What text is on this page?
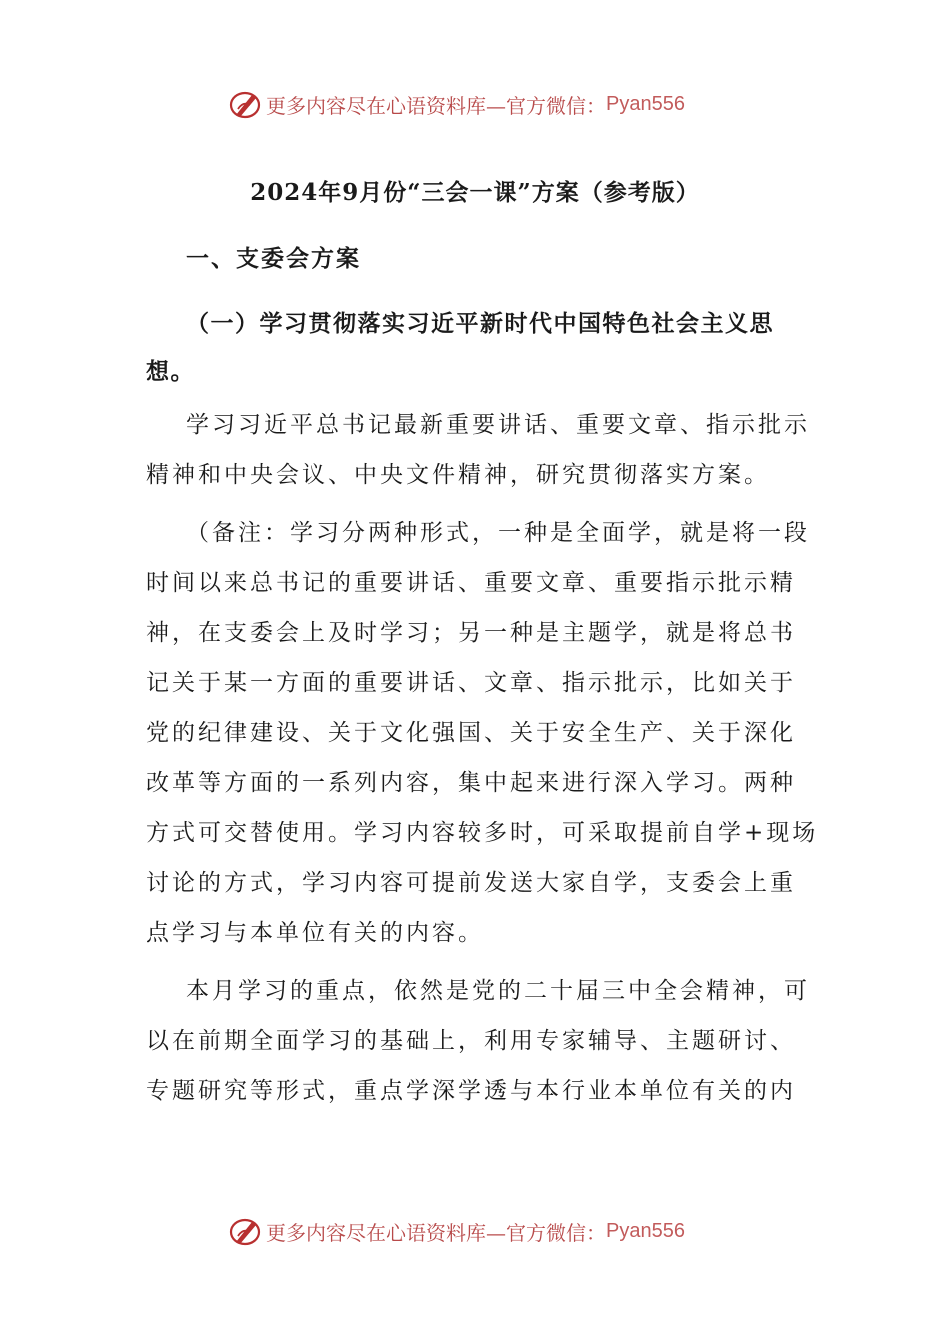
更多内容尽在心语资料库—官方微信： Pyan556
2024年9月份“三会一课”方案（参考版）
一、支委会方案
（一）学习贯彻落实习近平新时代中国特色社会主义思想。
学习习近平总书记最新重要讲话、重要文章、指示批示
精神和中央会议、中央文件精神，研究贯彻落实方案。
（备注：学习分两种形式，一种是全面学，就是将一段
时间以来总书记的重要讲话、重要文章、重要指示批示精
神，在支委会上及时学习；另一种是主题学，就是将总书
记关于某一方面的重要讲话、文章、指示批示，比如关于
党的纪律建设、关于文化强国、关于安全生产、关于深化
改革等方面的一系列内容，集中起来进行深入学习。两种
方式可交替使用。学习内容较多时，可采取提前自学+现场
讨论的方式，学习内容可提前发送大家自学，支委会上重
点学习与本单位有关的内容。
本月学习的重点，依然是党的二十届三中全会精神，可
以在前期全面学习的基础上，利用专家辅导、主题研讨、
专题研究等形式，重点学深学透与本行业本单位有关的内
更多内容尽在心语资料库—官方微信： Pyan556
